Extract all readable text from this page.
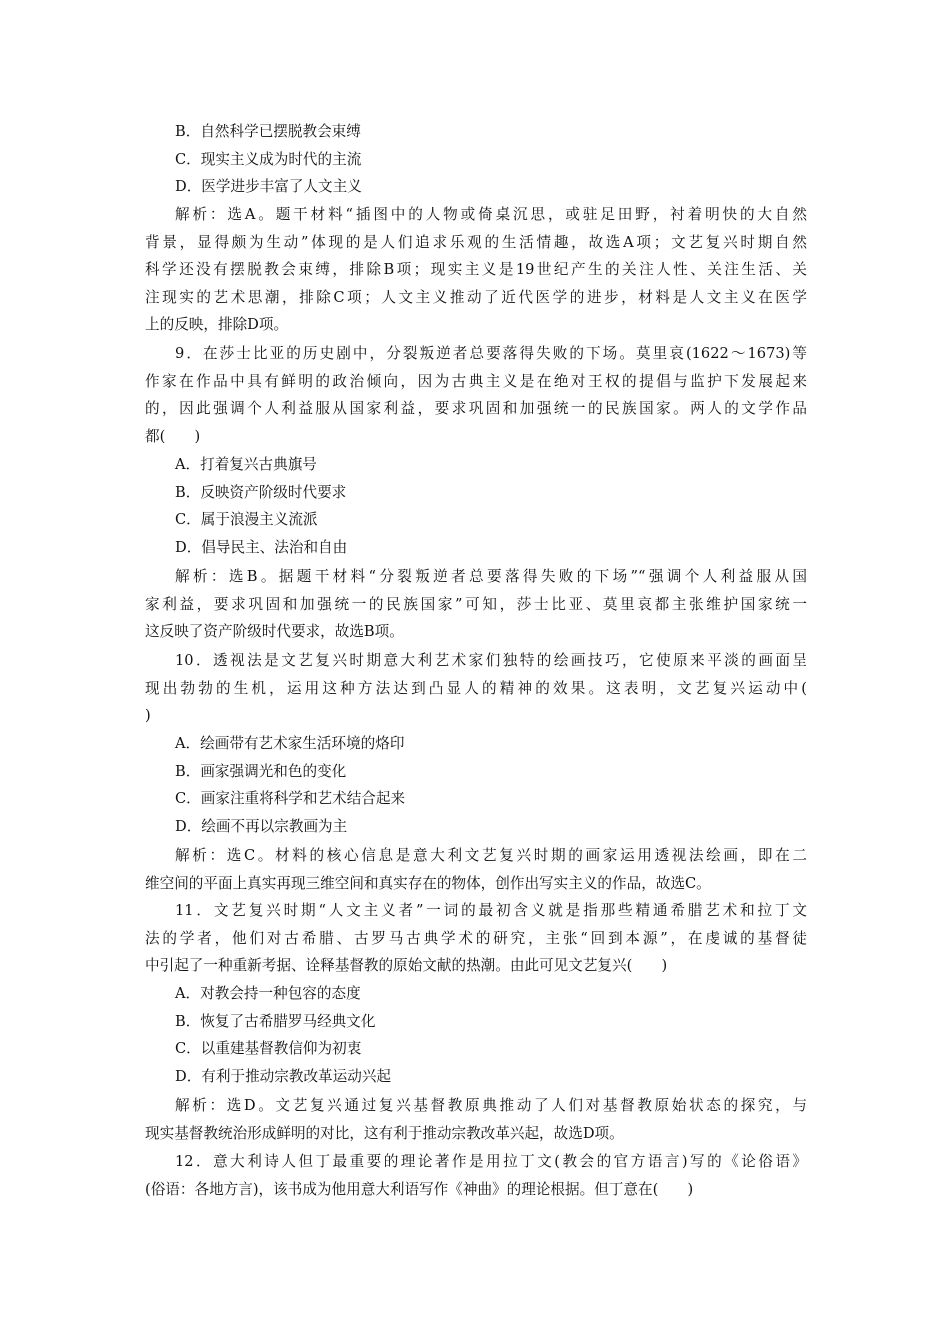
B．自然科学已摆脱教会束缚
C．现实主义成为时代的主流
D．医学进步丰富了人文主义
解析：选A。题干材料“插图中的人物或倚桌沉思，或驻足田野，衬着明快的大自然
背景，显得颇为生动”体现的是人们追求乐观的生活情趣，故选A项；文艺复兴时期自然
科学还没有摆脱教会束缚，排除B项；现实主义是19世纪产生的关注人性、关注生活、关
注现实的艺术思潮，排除C项；人文主义推动了近代医学的进步，材料是人文主义在医学
上的反映，排除D项。
9．在莎士比亚的历史剧中，分裂叛逆者总要落得失败的下场。莫里哀(1622～1673)等
作家在作品中具有鲜明的政治倾向，因为古典主义是在绝对王权的提倡与监护下发展起来
的，因此强调个人利益服从国家利益，要求巩固和加强统一的民族国家。两人的文学作品
都(　　)
A．打着复兴古典旗号
B．反映资产阶级时代要求
C．属于浪漫主义流派
D．倡导民主、法治和自由
解析：选B。据题干材料“分裂叛逆者总要落得失败的下场”“强调个人利益服从国
家利益，要求巩固和加强统一的民族国家”可知，莎士比亚、莫里哀都主张维护国家统一
这反映了资产阶级时代要求，故选B项。
10．透视法是文艺复兴时期意大利艺术家们独特的绘画技巧，它使原来平淡的画面呈
现出勃勃的生机，运用这种方法达到凸显人的精神的效果。这表明，文艺复兴运动中(
)
A．绘画带有艺术家生活环境的烙印
B．画家强调光和色的变化
C．画家注重将科学和艺术结合起来
D．绘画不再以宗教画为主
解析：选C。材料的核心信息是意大利文艺复兴时期的画家运用透视法绘画，即在二
维空间的平面上真实再现三维空间和真实存在的物体，创作出写实主义的作品，故选C。
11．文艺复兴时期“人文主义者”一词的最初含义就是指那些精通希腊艺术和拉丁文
法的学者，他们对古希腊、古罗马古典学术的研究，主张“回到本源”，在虔诚的基督徒
中引起了一种重新考据、诠释基督教的原始文献的热潮。由此可见文艺复兴(　　)
A．对教会持一种包容的态度
B．恢复了古希腊罗马经典文化
C．以重建基督教信仰为初衷
D．有利于推动宗教改革运动兴起
解析：选D。文艺复兴通过复兴基督教原典推动了人们对基督教原始状态的探究，与
现实基督教统治形成鲜明的对比，这有利于推动宗教改革兴起，故选D项。
12．意大利诗人但丁最重要的理论著作是用拉丁文(教会的官方语言)写的《论俗语》
(俗语：各地方言)，该书成为他用意大利语写作《神曲》的理论根据。但丁意在(　　)
